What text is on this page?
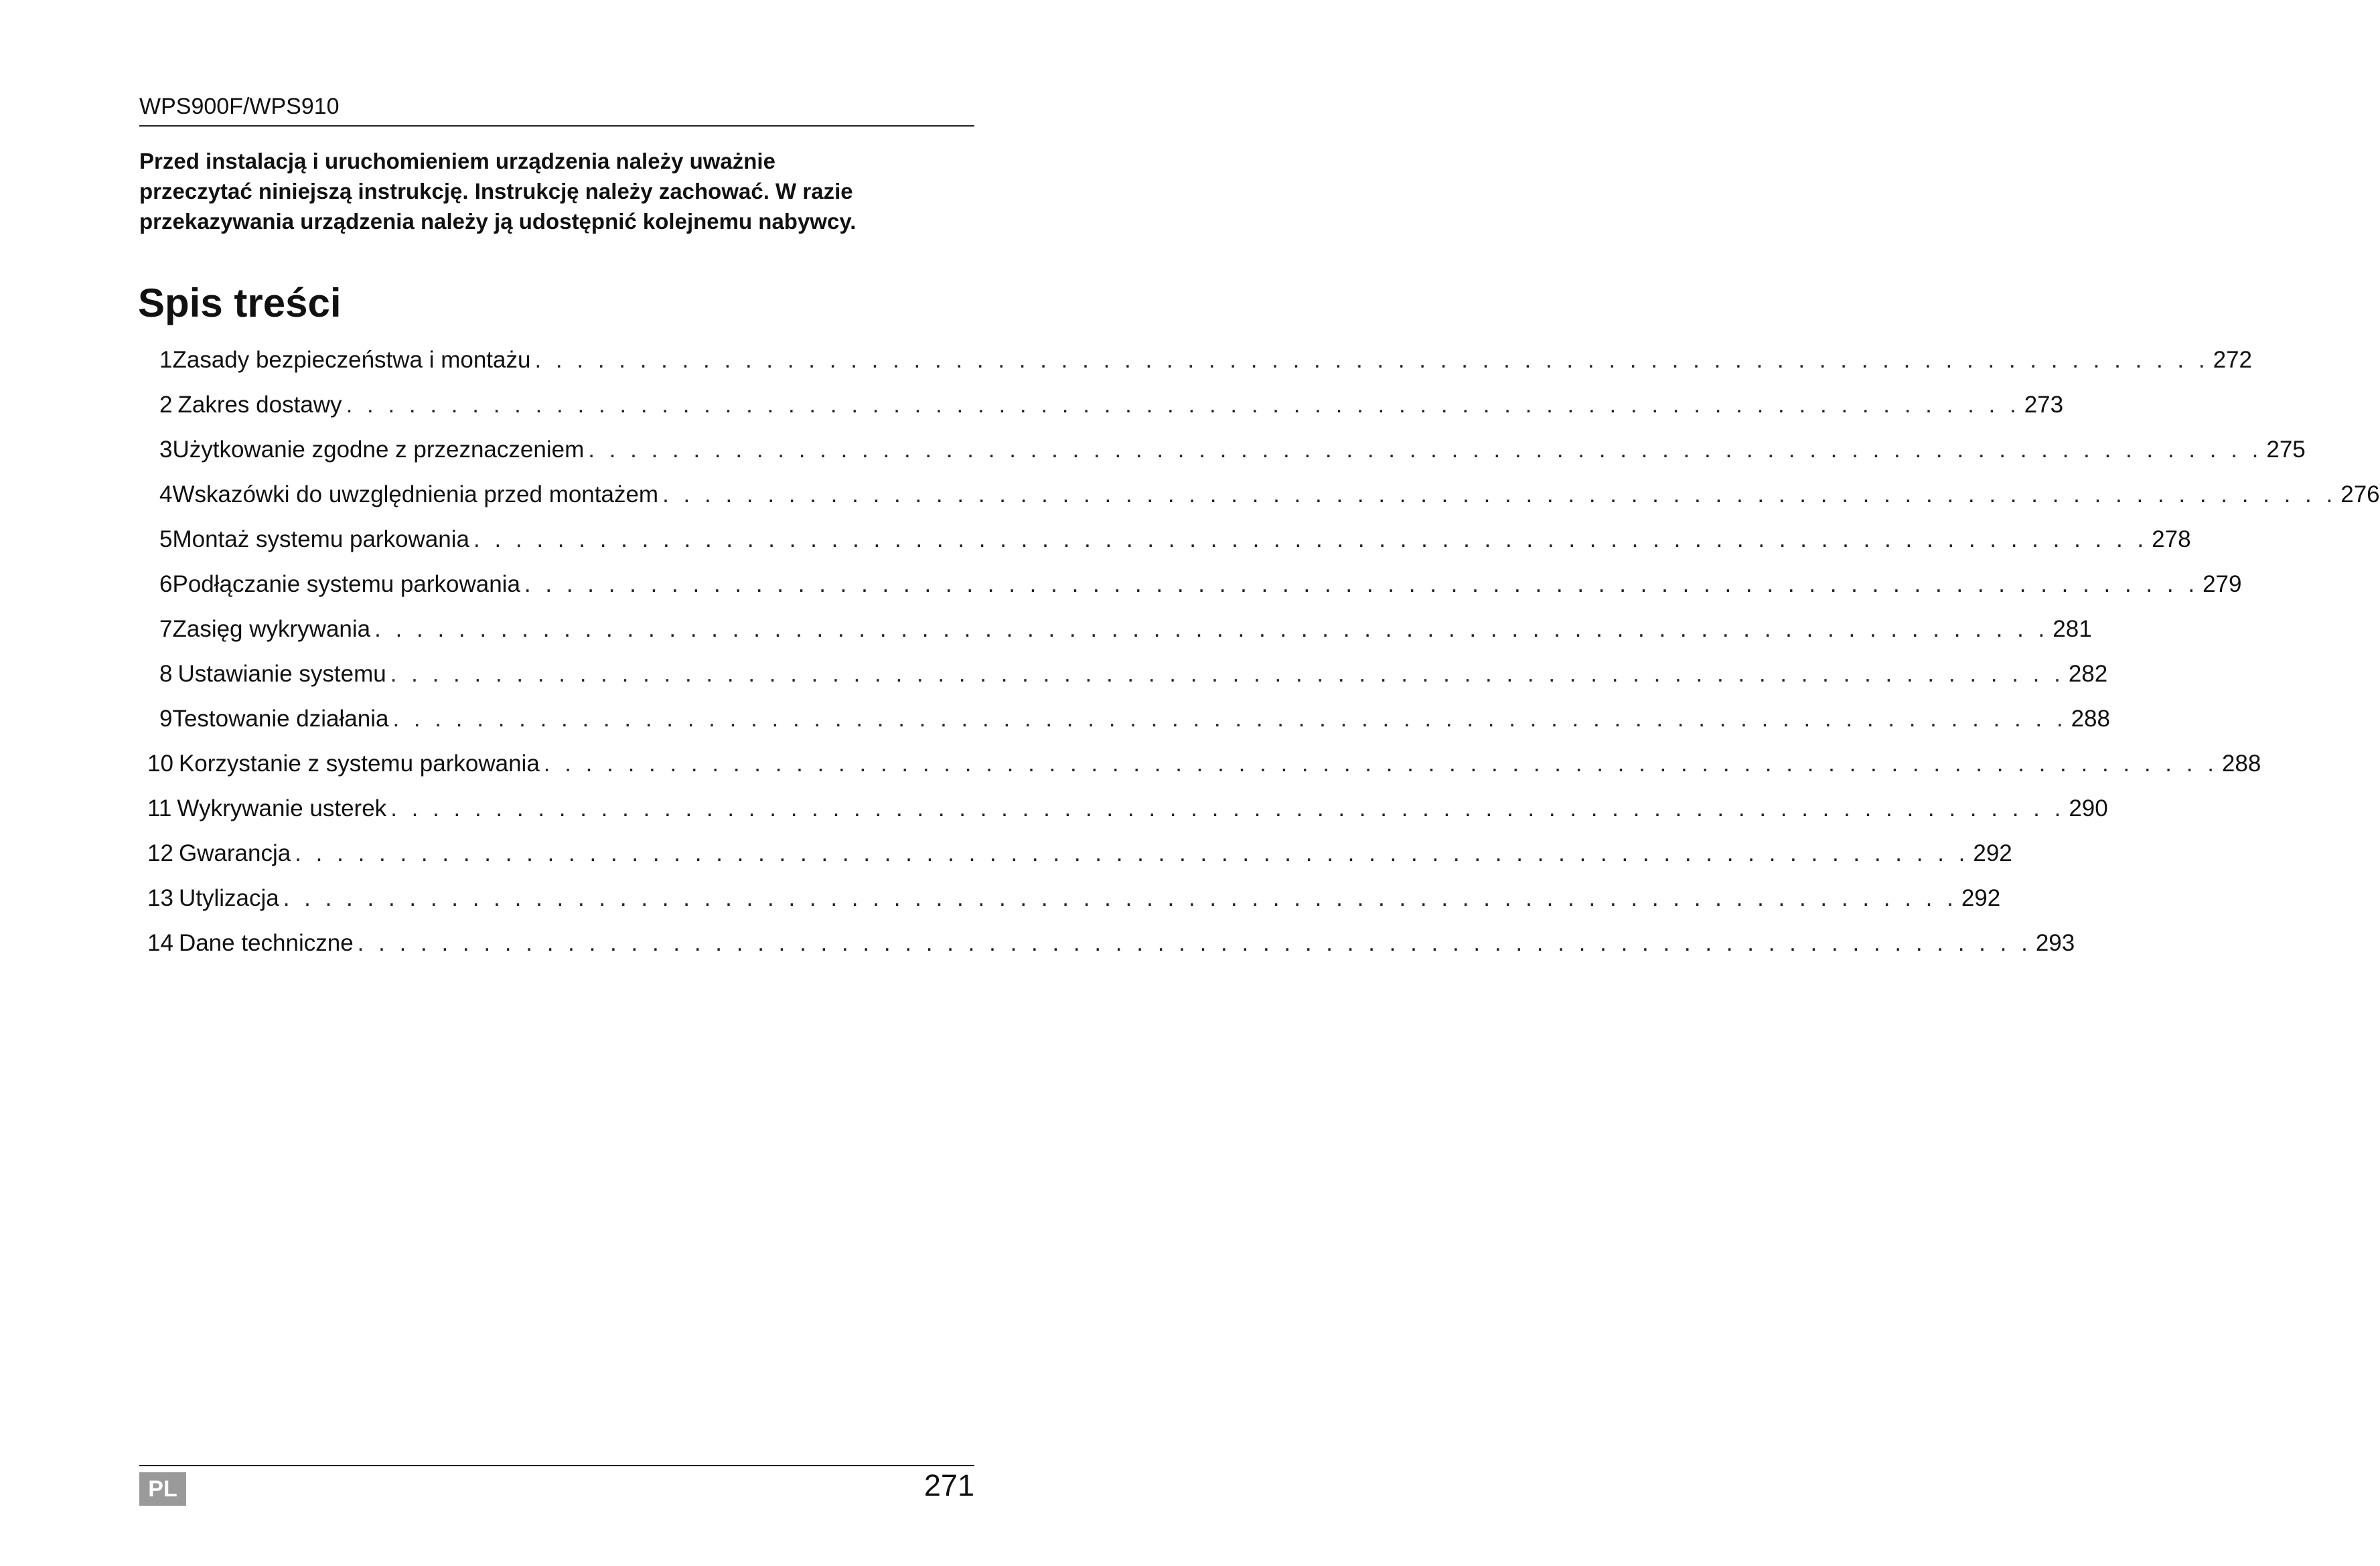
WPS900F/WPS910
Przed instalacją i uruchomieniem urządzenia należy uważnie
przeczytać niniejszą instrukcję. Instrukcję należy zachować. W razie
przekazywania urządzenia należy ją udostępnić kolejnemu nabywcy.
Spis treści
1 Zasady bezpieczeństwa i montażu . . . . . . . . . . . . . . . . . . . . . . . . . . . . . . . . . . . . . . . . . . . . . . . . . . . . . . . . . . . . . . . . . . . . . . . . . . . . . . . . 272
2 Zakres dostawy . . . . . . . . . . . . . . . . . . . . . . . . . . . . . . . . . . . . . . . . . . . . . . . . . . . . . . . . . . . . . . . . . . . . . . . . . . . . . . . . 273
3 Użytkowanie zgodne z przeznaczeniem . . . . . . . . . . . . . . . . . . . . . . . . . . . . . . . . . . . . . . . . . . . . . . . . . . . . . . . . . . . . . . . . . . . . . . . . . . . . . . . . 275
4 Wskazówki do uwzględnienia przed montażem . . . . . . . . . . . . . . . . . . . . . . . . . . . . . . . . . . . . . . . . . . . . . . . . . . . . . . . . . . . . . . . . . . . . . . . . . . . . . . . . 276
5 Montaż systemu parkowania . . . . . . . . . . . . . . . . . . . . . . . . . . . . . . . . . . . . . . . . . . . . . . . . . . . . . . . . . . . . . . . . . . . . . . . . . . . . . . . . 278
6 Podłączanie systemu parkowania . . . . . . . . . . . . . . . . . . . . . . . . . . . . . . . . . . . . . . . . . . . . . . . . . . . . . . . . . . . . . . . . . . . . . . . . . . . . . . . . 279
7 Zasięg wykrywania . . . . . . . . . . . . . . . . . . . . . . . . . . . . . . . . . . . . . . . . . . . . . . . . . . . . . . . . . . . . . . . . . . . . . . . . . . . . . . . . 281
8 Ustawianie systemu . . . . . . . . . . . . . . . . . . . . . . . . . . . . . . . . . . . . . . . . . . . . . . . . . . . . . . . . . . . . . . . . . . . . . . . . . . . . . . . . 282
9 Testowanie działania . . . . . . . . . . . . . . . . . . . . . . . . . . . . . . . . . . . . . . . . . . . . . . . . . . . . . . . . . . . . . . . . . . . . . . . . . . . . . . . . 288
10 Korzystanie z systemu parkowania . . . . . . . . . . . . . . . . . . . . . . . . . . . . . . . . . . . . . . . . . . . . . . . . . . . . . . . . . . . . . . . . . . . . . . . . . . . . . . . . 288
11 Wykrywanie usterek . . . . . . . . . . . . . . . . . . . . . . . . . . . . . . . . . . . . . . . . . . . . . . . . . . . . . . . . . . . . . . . . . . . . . . . . . . . . . . . . 290
12 Gwarancja . . . . . . . . . . . . . . . . . . . . . . . . . . . . . . . . . . . . . . . . . . . . . . . . . . . . . . . . . . . . . . . . . . . . . . . . . . . . . . . . 292
13 Utylizacja . . . . . . . . . . . . . . . . . . . . . . . . . . . . . . . . . . . . . . . . . . . . . . . . . . . . . . . . . . . . . . . . . . . . . . . . . . . . . . . . 292
14 Dane techniczne . . . . . . . . . . . . . . . . . . . . . . . . . . . . . . . . . . . . . . . . . . . . . . . . . . . . . . . . . . . . . . . . . . . . . . . . . . . . . . . . 293
PL	271
